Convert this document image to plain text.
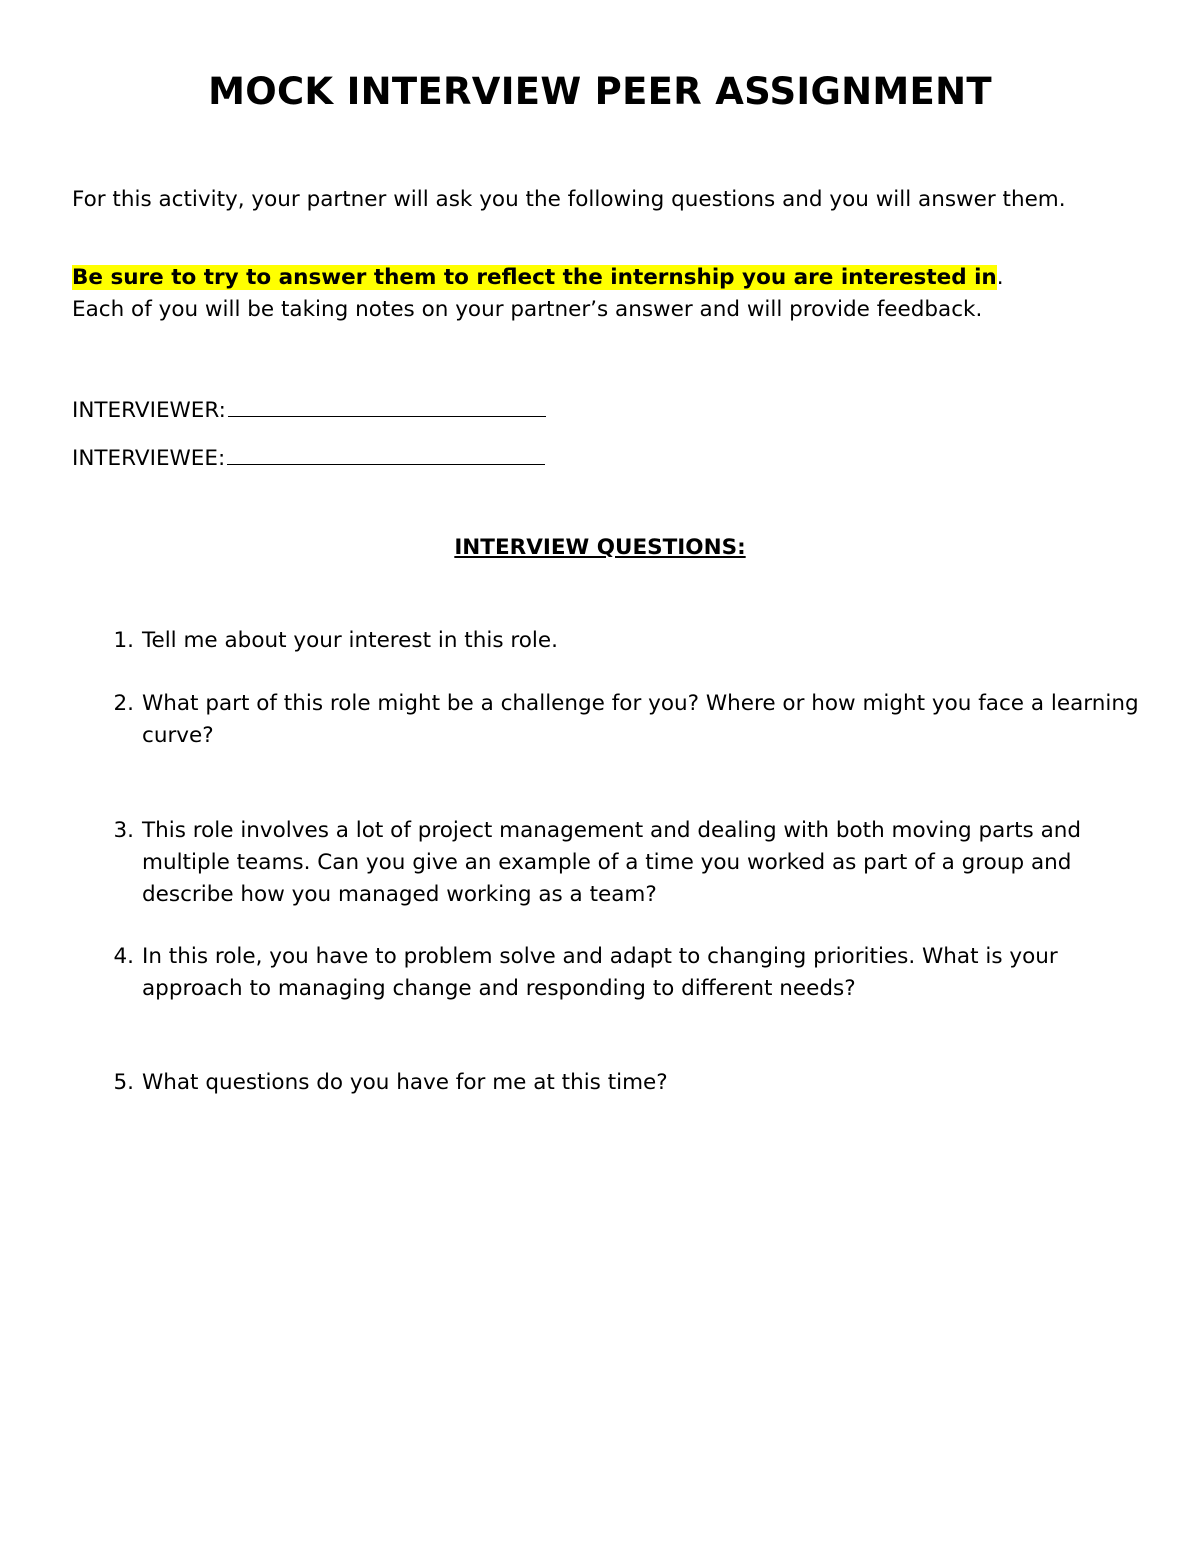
MOCK INTERVIEW PEER ASSIGNMENT
For this activity, your partner will ask you the following questions and you will answer them.
Be sure to try to answer them to reflect the internship you are interested in.
Each of you will be taking notes on your partner’s answer and will provide feedback.
INTERVIEWER:
INTERVIEWEE:
INTERVIEW QUESTIONS:
1. Tell me about your interest in this role.
2. What part of this role might be a challenge for you? Where or how might you face a learning curve?
3. This role involves a lot of project management and dealing with both moving parts and multiple teams. Can you give an example of a time you worked as part of a group and describe how you managed working as a team?
4. In this role, you have to problem solve and adapt to changing priorities. What is your approach to managing change and responding to different needs?
5. What questions do you have for me at this time?
